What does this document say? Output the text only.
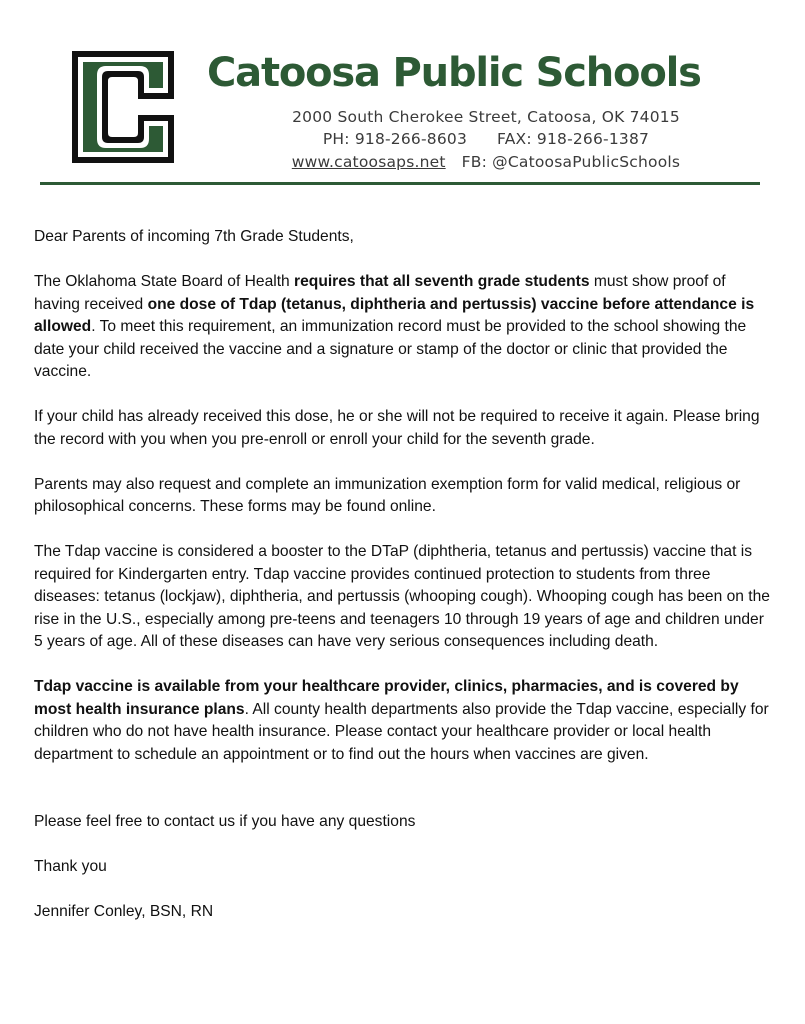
Catoosa Public Schools
2000 South Cherokee Street, Catoosa, OK 74015
PH: 918-266-8603 FAX: 918-266-1387
www.catoosaps.net FB: @CatoosaPublicSchools

Dear Parents of incoming 7th Grade Students,

The Oklahoma State Board of Health requires that all seventh grade students must show proof of having received one dose of Tdap (tetanus, diphtheria and pertussis) vaccine before attendance is allowed. To meet this requirement, an immunization record must be provided to the school showing the date your child received the vaccine and a signature or stamp of the doctor or clinic that provided the vaccine.

If your child has already received this dose, he or she will not be required to receive it again. Please bring the record with you when you pre-enroll or enroll your child for the seventh grade.

Parents may also request and complete an immunization exemption form for valid medical, religious or philosophical concerns. These forms may be found online.

The Tdap vaccine is considered a booster to the DTaP (diphtheria, tetanus and pertussis) vaccine that is required for Kindergarten entry. Tdap vaccine provides continued protection to students from three diseases: tetanus (lockjaw), diphtheria, and pertussis (whooping cough). Whooping cough has been on the rise in the U.S., especially among pre-teens and teenagers 10 through 19 years of age and children under 5 years of age. All of these diseases can have very serious consequences including death.

Tdap vaccine is available from your healthcare provider, clinics, pharmacies, and is covered by most health insurance plans. All county health departments also provide the Tdap vaccine, especially for children who do not have health insurance. Please contact your healthcare provider or local health department to schedule an appointment or to find out the hours when vaccines are given.

Please feel free to contact us if you have any questions

Thank you

Jennifer Conley, BSN, RN
